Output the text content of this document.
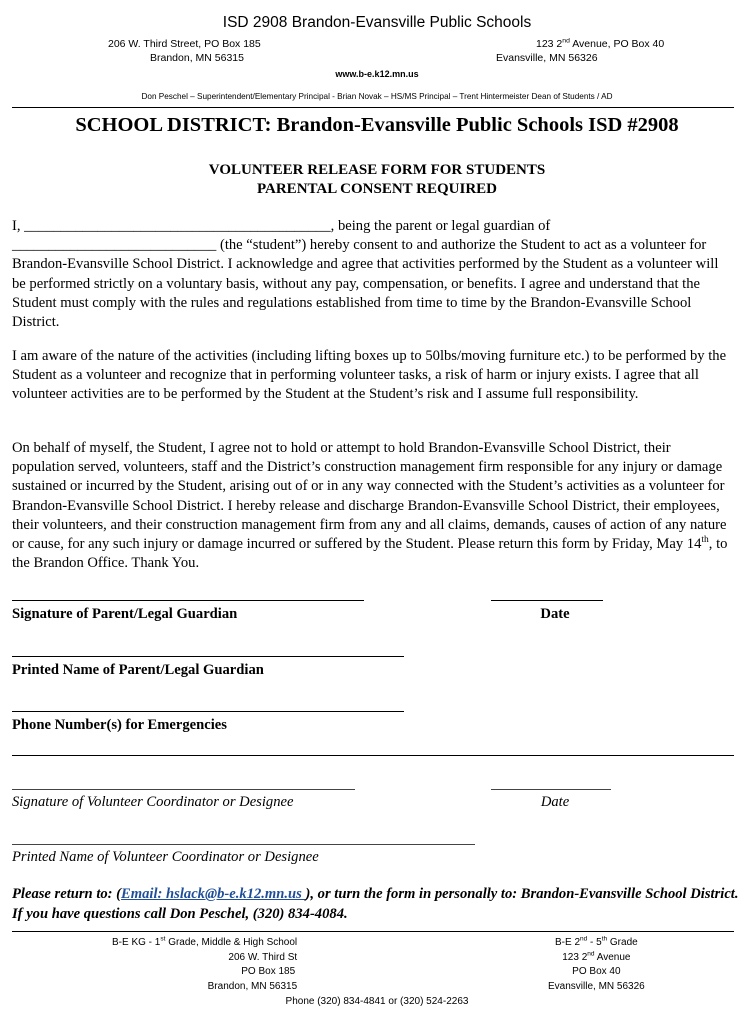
ISD 2908 Brandon-Evansville Public Schools
206 W. Third Street, PO Box 185
Brandon, MN 56315
123 2nd Avenue, PO Box 40
Evansville, MN 56326
www.b-e.k12.mn.us
Don Peschel – Superintendent/Elementary Principal - Brian Novak – HS/MS Principal – Trent Hintermeister Dean of Students / AD
SCHOOL DISTRICT: Brandon-Evansville Public Schools ISD #2908
VOLUNTEER RELEASE FORM FOR STUDENTS
PARENTAL CONSENT REQUIRED
I, __________________________________________, being the parent or legal guardian of ____________________________ (the “student”) hereby consent to and authorize the Student to act as a volunteer for Brandon-Evansville School District. I acknowledge and agree that activities performed by the Student as a volunteer will be performed strictly on a voluntary basis, without any pay, compensation, or benefits. I agree and understand that the Student must comply with the rules and regulations established from time to time by the Brandon-Evansville School District.
I am aware of the nature of the activities (including lifting boxes up to 50lbs/moving furniture etc.) to be performed by the Student as a volunteer and recognize that in performing volunteer tasks, a risk of harm or injury exists. I agree that all volunteer activities are to be performed by the Student at the Student’s risk and I assume full responsibility.
On behalf of myself, the Student, I agree not to hold or attempt to hold Brandon-Evansville School District, their population served, volunteers, staff and the District’s construction management firm responsible for any injury or damage sustained or incurred by the Student, arising out of or in any way connected with the Student’s activities as a volunteer for Brandon-Evansville School District. I hereby release and discharge Brandon-Evansville School District, their employees, their volunteers, and their construction management firm from any and all claims, demands, causes of action of any nature or cause, for any such injury or damage incurred or suffered by the Student. Please return this form by Friday, May 14th, to the Brandon Office. Thank You.
Signature of Parent/Legal Guardian	Date
Printed Name of Parent/Legal Guardian
Phone Number(s) for Emergencies
Signature of Volunteer Coordinator or Designee	Date
Printed Name of Volunteer Coordinator or Designee
Please return to: (Email: hslack@b-e.k12.mn.us ), or turn the form in personally to: Brandon-Evansville School District. If you have questions call Don Peschel, (320) 834-4084.
B-E KG - 1st Grade, Middle & High School
206 W. Third St
PO Box 185
Brandon, MN 56315
B-E 2nd - 5th Grade
123 2nd Avenue
PO Box 40
Evansville, MN 56326
Phone (320) 834-4841 or (320) 524-2263
